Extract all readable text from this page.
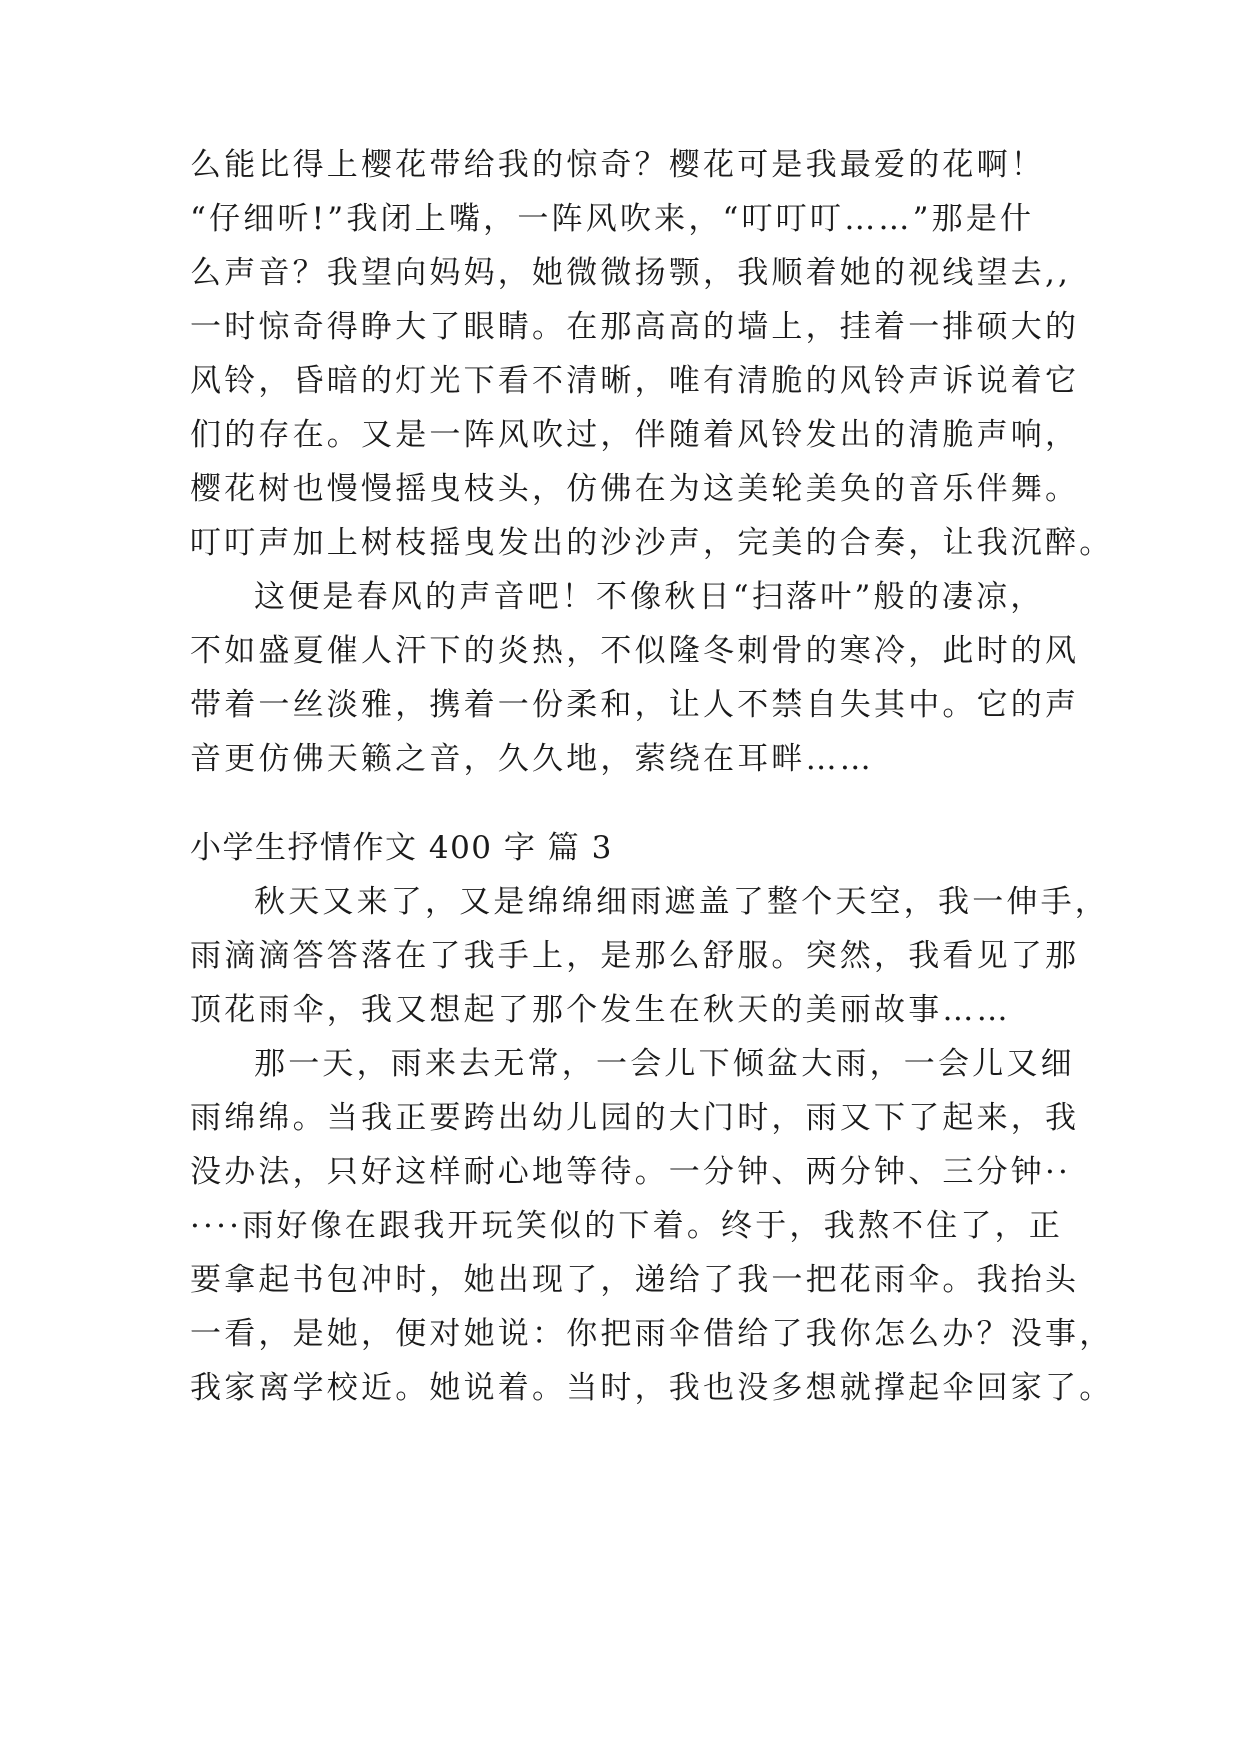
么能比得上樱花带给我的惊奇？樱花可是我最爱的花啊！
“仔细听!”我闭上嘴，一阵风吹来，“叮叮叮……”那是什
么声音？我望向妈妈，她微微扬颚，我顺着她的视线望去,,
一时惊奇得睁大了眼睛。在那高高的墙上，挂着一排硕大的
风铃，昏暗的灯光下看不清晰，唯有清脆的风铃声诉说着它
们的存在。又是一阵风吹过，伴随着风铃发出的清脆声响，
樱花树也慢慢摇曳枝头，仿佛在为这美轮美奂的音乐伴舞。
叮叮声加上树枝摇曳发出的沙沙声，完美的合奏，让我沉醉。
这便是春风的声音吧！不像秋日“扫落叶”般的凄凉，
不如盛夏催人汗下的炎热，不似隆冬刺骨的寒冷，此时的风
带着一丝淡雅，携着一份柔和，让人不禁自失其中。它的声
音更仿佛天籁之音，久久地，萦绕在耳畔……
小学生抒情作文 400 字 篇 3
秋天又来了，又是绵绵细雨遮盖了整个天空，我一伸手，
雨滴滴答答落在了我手上，是那么舒服。突然，我看见了那
顶花雨伞，我又想起了那个发生在秋天的美丽故事……
那一天，雨来去无常，一会儿下倾盆大雨，一会儿又细
雨绵绵。当我正要跨出幼儿园的大门时，雨又下了起来，我
没办法，只好这样耐心地等待。一分钟、两分钟、三分钟··
····雨好像在跟我开玩笑似的下着。终于，我熬不住了，正
要拿起书包冲时，她出现了，递给了我一把花雨伞。我抬头
一看，是她，便对她说：你把雨伞借给了我你怎么办？没事，
我家离学校近。她说着。当时，我也没多想就撑起伞回家了。
